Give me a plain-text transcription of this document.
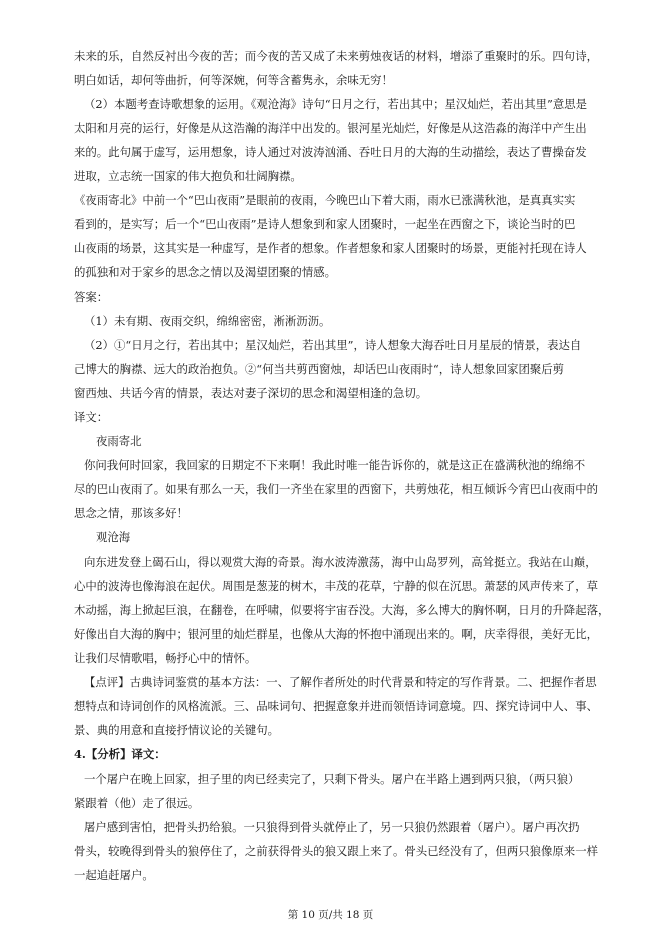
未来的乐，自然反衬出今夜的苦；而今夜的苦又成了未来剪烛夜话的材料，增添了重聚时的乐。四句诗，
明白如话，却何等曲折，何等深婉，何等含蓄隽永，余味无穷！
（2）本题考查诗歌想象的运用。《观沧海》诗句“日月之行，若出其中；星汉灿烂，若出其里”意思是
太阳和月亮的运行，好像是从这浩瀚的海洋中出发的。银河星光灿烂，好像是从这浩淼的海洋中产生出
来的。此句属于虚写，运用想象，诗人通过对波涛汹涌、吞吐日月的大海的生动描绘，表达了曹操奋发
进取，立志统一国家的伟大抱负和壮阔胸襟。
《夜雨寄北》中前一个“巴山夜雨”是眼前的夜雨，今晚巴山下着大雨，雨水已涨满秋池，是真真实实
看到的，是实写；后一个“巴山夜雨”是诗人想象到和家人团聚时，一起坐在西窗之下，谈论当时的巴
山夜雨的场景，这其实是一种虚写，是作者的想象。作者想象和家人团聚时的场景，更能衬托现在诗人
的孤独和对于家乡的思念之情以及渴望团聚的情感。
答案：
（1）未有期、夜雨交织，绵绵密密，淅淅沥沥。
（2）①“日月之行，若出其中；星汉灿烂，若出其里”，诗人想象大海吞吐日月星辰的情景，表达自
己博大的胸襟、远大的政治抱负。②“何当共剪西窗烛，却话巴山夜雨时“，诗人想象回家团聚后剪
窗西烛、共话今宵的情景，表达对妻子深切的思念和渴望相逢的急切。
译文：
夜雨寄北
你问我何时回家，我回家的日期定不下来啊！我此时唯一能告诉你的，就是这正在盛满秋池的绵绵不
尽的巴山夜雨了。如果有那么一天，我们一齐坐在家里的西窗下，共剪烛花，相互倾诉今宵巴山夜雨中的
思念之情，那该多好！
观沧海
向东进发登上碣石山，得以观赏大海的奇景。海水波涛激荡，海中山岛罗列，高耸挺立。我站在山巅，
心中的波涛也像海浪在起伏。周围是葱茏的树木，丰茂的花草，宁静的似在沉思。萧瑟的风声传来了，草
木动摇，海上掀起巨浪，在翻卷，在呼啸，似要将宇宙吞没。大海，多么博大的胸怀啊，日月的升降起落，
好像出自大海的胸中；银河里的灿烂群星，也像从大海的怀抱中涌现出来的。啊，庆幸得很，美好无比，
让我们尽情歌唱，畅抒心中的情怀。
【点评】古典诗词鉴赏的基本方法：一、了解作者所处的时代背景和特定的写作背景。二、把握作者思
想特点和诗词创作的风格流派。三、品味词句、把握意象并进而领悟诗词意境。四、探究诗词中人、事、
景、典的用意和直接抒情议论的关键句。
4.【分析】译文：
一个屠户在晚上回家，担子里的肉已经卖完了，只剩下骨头。屠户在半路上遇到两只狼，（两只狼）
紧跟着（他）走了很远。
屠户感到害怕，把骨头扔给狼。一只狼得到骨头就停止了，另一只狼仍然跟着（屠户）。屠户再次扔
骨头，较晚得到骨头的狼停住了，之前获得骨头的狼又跟上来了。骨头已经没有了，但两只狼像原来一样
一起追赶屠户。
第 10 页/共 18 页
